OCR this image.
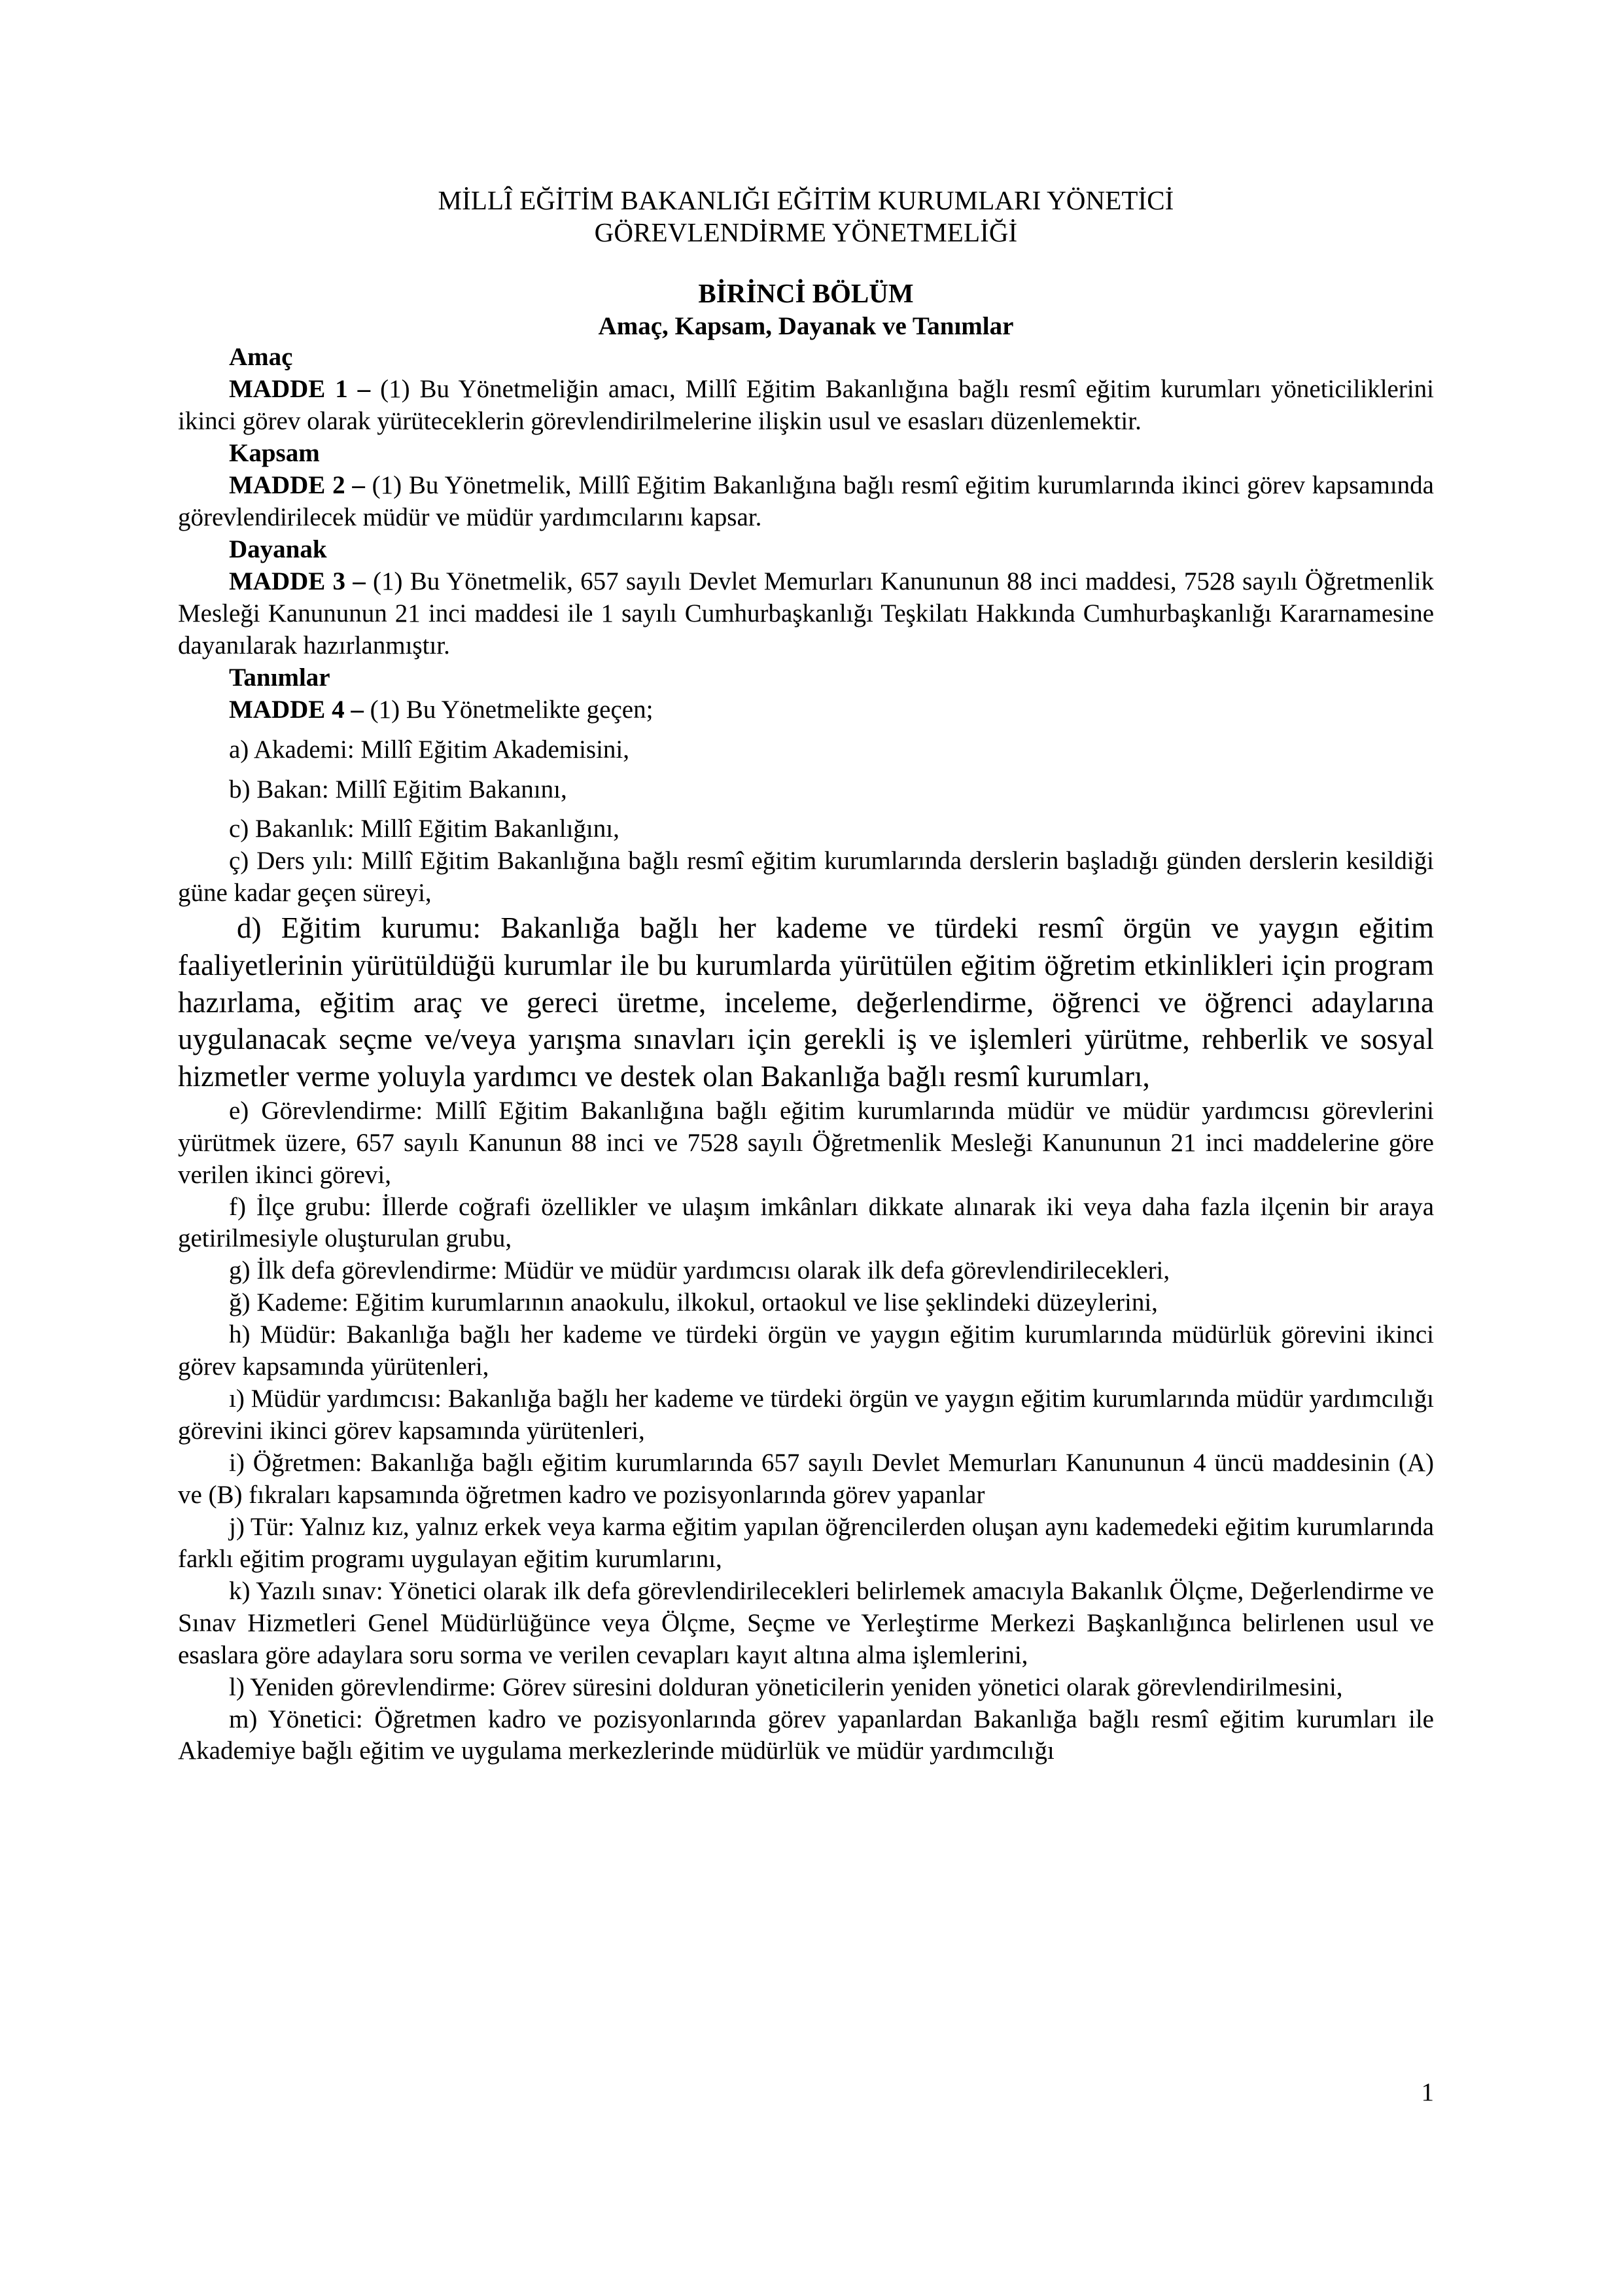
MİLLÎ EĞİTİM BAKANLIĞI EĞİTİM KURUMLARI YÖNETİCİ
GÖREVLENDİRME YÖNETMELİĞİ
BİRİNCİ BÖLÜM
Amaç, Kapsam, Dayanak ve Tanımlar
Amaç

MADDE 1 – (1) Bu Yönetmeliğin amacı, Millî Eğitim Bakanlığına bağlı resmî eğitim kurumları yöneticiliklerini ikinci görev olarak yürüteceklerin görevlendirilmelerine ilişkin usul ve esasları düzenlemektir.

Kapsam

MADDE 2 – (1) Bu Yönetmelik, Millî Eğitim Bakanlığına bağlı resmî eğitim kurumlarında ikinci görev kapsamında görevlendirilecek müdür ve müdür yardımcılarını kapsar.

Dayanak

MADDE 3 – (1) Bu Yönetmelik, 657 sayılı Devlet Memurları Kanununun 88 inci maddesi, 7528 sayılı Öğretmenlik Mesleği Kanununun 21 inci maddesi ile 1 sayılı Cumhurbaşkanlığı Teşkilatı Hakkında Cumhurbaşkanlığı Kararnamesine dayanılarak hazırlanmıştır.

Tanımlar

MADDE 4 – (1) Bu Yönetmelikte geçen;

a) Akademi: Millî Eğitim Akademisini,

b) Bakan: Millî Eğitim Bakanını,

c) Bakanlık: Millî Eğitim Bakanlığını,

ç) Ders yılı: Millî Eğitim Bakanlığına bağlı resmî eğitim kurumlarında derslerin başladığı günden derslerin kesildiği güne kadar geçen süreyi,

d) Eğitim kurumu: Bakanlığa bağlı her kademe ve türdeki resmî örgün ve yaygın eğitim faaliyetlerinin yürütüldüğü kurumlar ile bu kurumlarda yürütülen eğitim öğretim etkinlikleri için program hazırlama, eğitim araç ve gereci üretme, inceleme, değerlendirme, öğrenci ve öğrenci adaylarına uygulanacak seçme ve/veya yarışma sınavları için gerekli iş ve işlemleri yürütme, rehberlik ve sosyal hizmetler verme yoluyla yardımcı ve destek olan Bakanlığa bağlı resmî kurumları,

e) Görevlendirme: Millî Eğitim Bakanlığına bağlı eğitim kurumlarında müdür ve müdür yardımcısı görevlerini yürütmek üzere, 657 sayılı Kanunun 88 inci ve 7528 sayılı Öğretmenlik Mesleği Kanununun 21 inci maddelerine göre verilen ikinci görevi,

f) İlçe grubu: İllerde coğrafi özellikler ve ulaşım imkânları dikkate alınarak iki veya daha fazla ilçenin bir araya getirilmesiyle oluşturulan grubu,

g) İlk defa görevlendirme: Müdür ve müdür yardımcısı olarak ilk defa görevlendirilecekleri,

ğ) Kademe: Eğitim kurumlarının anaokulu, ilkokul, ortaokul ve lise şeklindeki düzeylerini,

h) Müdür: Bakanlığa bağlı her kademe ve türdeki örgün ve yaygın eğitim kurumlarında müdürlük görevini ikinci görev kapsamında yürütenleri,

ı) Müdür yardımcısı: Bakanlığa bağlı her kademe ve türdeki örgün ve yaygın eğitim kurumlarında müdür yardımcılığı görevini ikinci görev kapsamında yürütenleri,

i) Öğretmen: Bakanlığa bağlı eğitim kurumlarında 657 sayılı Devlet Memurları Kanununun 4 üncü maddesinin (A) ve (B) fıkraları kapsamında öğretmen kadro ve pozisyonlarında görev yapanlar

j) Tür: Yalnız kız, yalnız erkek veya karma eğitim yapılan öğrencilerden oluşan aynı kademedeki eğitim kurumlarında farklı eğitim programı uygulayan eğitim kurumlarını,

k) Yazılı sınav: Yönetici olarak ilk defa görevlendirilecekleri belirlemek amacıyla Bakanlık Ölçme, Değerlendirme ve Sınav Hizmetleri Genel Müdürlüğünce veya Ölçme, Seçme ve Yerleştirme Merkezi Başkanlığınca belirlenen usul ve esaslara göre adaylara soru sorma ve verilen cevapları kayıt altına alma işlemlerini,

l) Yeniden görevlendirme: Görev süresini dolduran yöneticilerin yeniden yönetici olarak görevlendirilmesini,

m) Yönetici: Öğretmen kadro ve pozisyonlarında görev yapanlardan Bakanlığa bağlı resmî eğitim kurumları ile Akademiye bağlı eğitim ve uygulama merkezlerinde müdürlük ve müdür yardımcılığı

1
